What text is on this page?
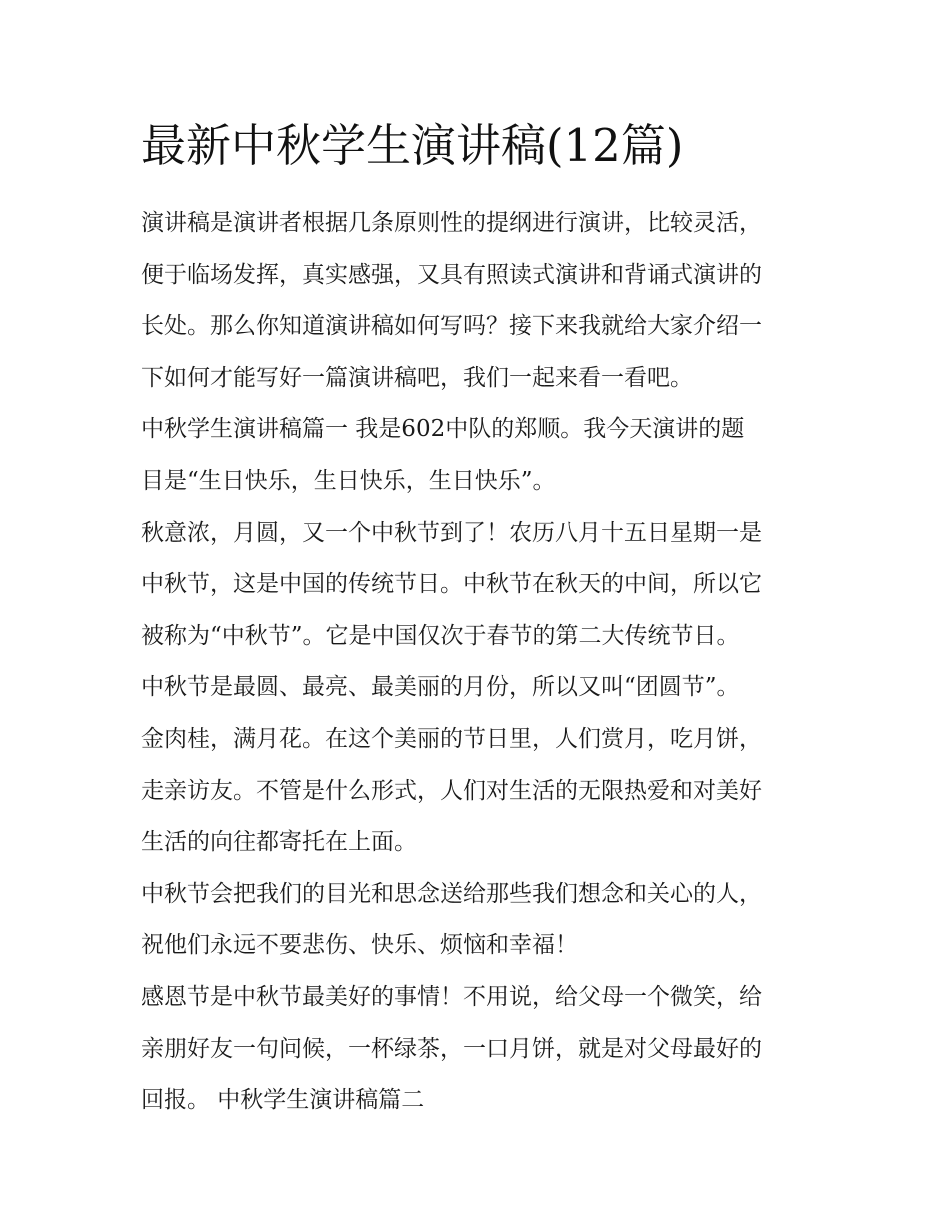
最新中秋学生演讲稿(12篇)
演讲稿是演讲者根据几条原则性的提纲进行演讲，比较灵活，
便于临场发挥，真实感强，又具有照读式演讲和背诵式演讲的
长处。那么你知道演讲稿如何写吗？接下来我就给大家介绍一
下如何才能写好一篇演讲稿吧，我们一起来看一看吧。
中秋学生演讲稿篇一 我是602中队的郑顺。我今天演讲的题
目是“生日快乐，生日快乐，生日快乐”。
秋意浓，月圆，又一个中秋节到了！农历八月十五日星期一是
中秋节，这是中国的传统节日。中秋节在秋天的中间，所以它
被称为“中秋节”。它是中国仅次于春节的第二大传统节日。
中秋节是最圆、最亮、最美丽的月份，所以又叫“团圆节”。
金肉桂，满月花。在这个美丽的节日里，人们赏月，吃月饼，
走亲访友。不管是什么形式，人们对生活的无限热爱和对美好
生活的向往都寄托在上面。
中秋节会把我们的目光和思念送给那些我们想念和关心的人，
祝他们永远不要悲伤、快乐、烦恼和幸福！
感恩节是中秋节最美好的事情！不用说，给父母一个微笑，给
亲朋好友一句问候，一杯绿茶，一口月饼，就是对父母最好的
回报。 中秋学生演讲稿篇二
